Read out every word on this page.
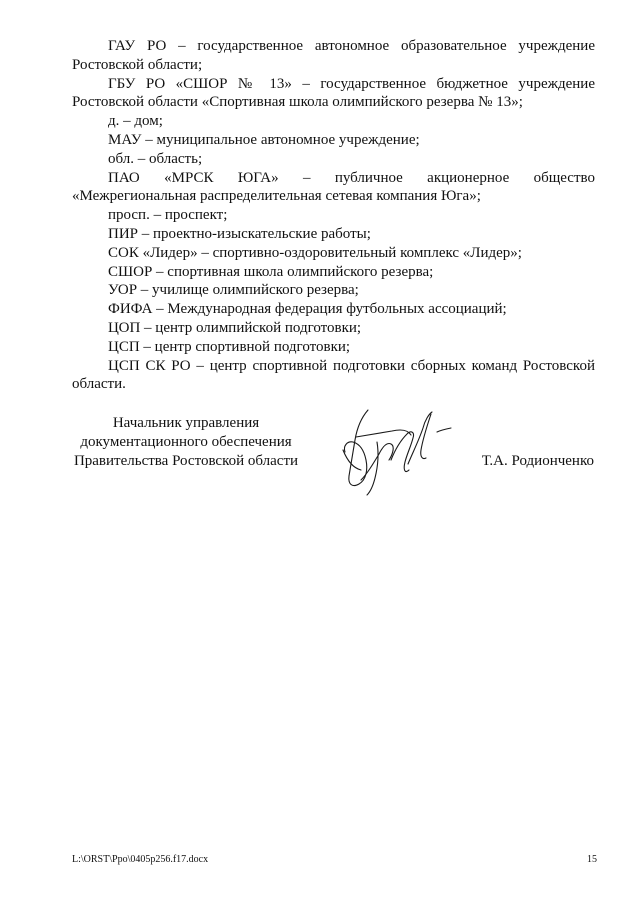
ГАУ РО – государственное автономное образовательное учреждение Ростовской области;

ГБУ РО «СШОР № 13» – государственное бюджетное учреждение Ростовской области «Спортивная школа олимпийского резерва № 13»;

д. – дом;

МАУ – муниципальное автономное учреждение;

обл. – область;

ПАО «МРСК ЮГА» – публичное акционерное общество «Межрегиональная распределительная сетевая компания Юга»;

просп. – проспект;

ПИР – проектно-изыскательские работы;

СОК «Лидер» – спортивно-оздоровительный комплекс «Лидер»;

СШОР – спортивная школа олимпийского резерва;

УОР – училище олимпийского резерва;

ФИФА – Международная федерация футбольных ассоциаций;

ЦОП – центр олимпийской подготовки;

ЦСП – центр спортивной подготовки;

ЦСП СК РО – центр спортивной подготовки сборных команд Ростовской области.

Начальник управления
документационного обеспечения
Правительства Ростовской области	Т.А. Родионченко
L:\ORST\Ppo\0405p256.f17.docx	15
